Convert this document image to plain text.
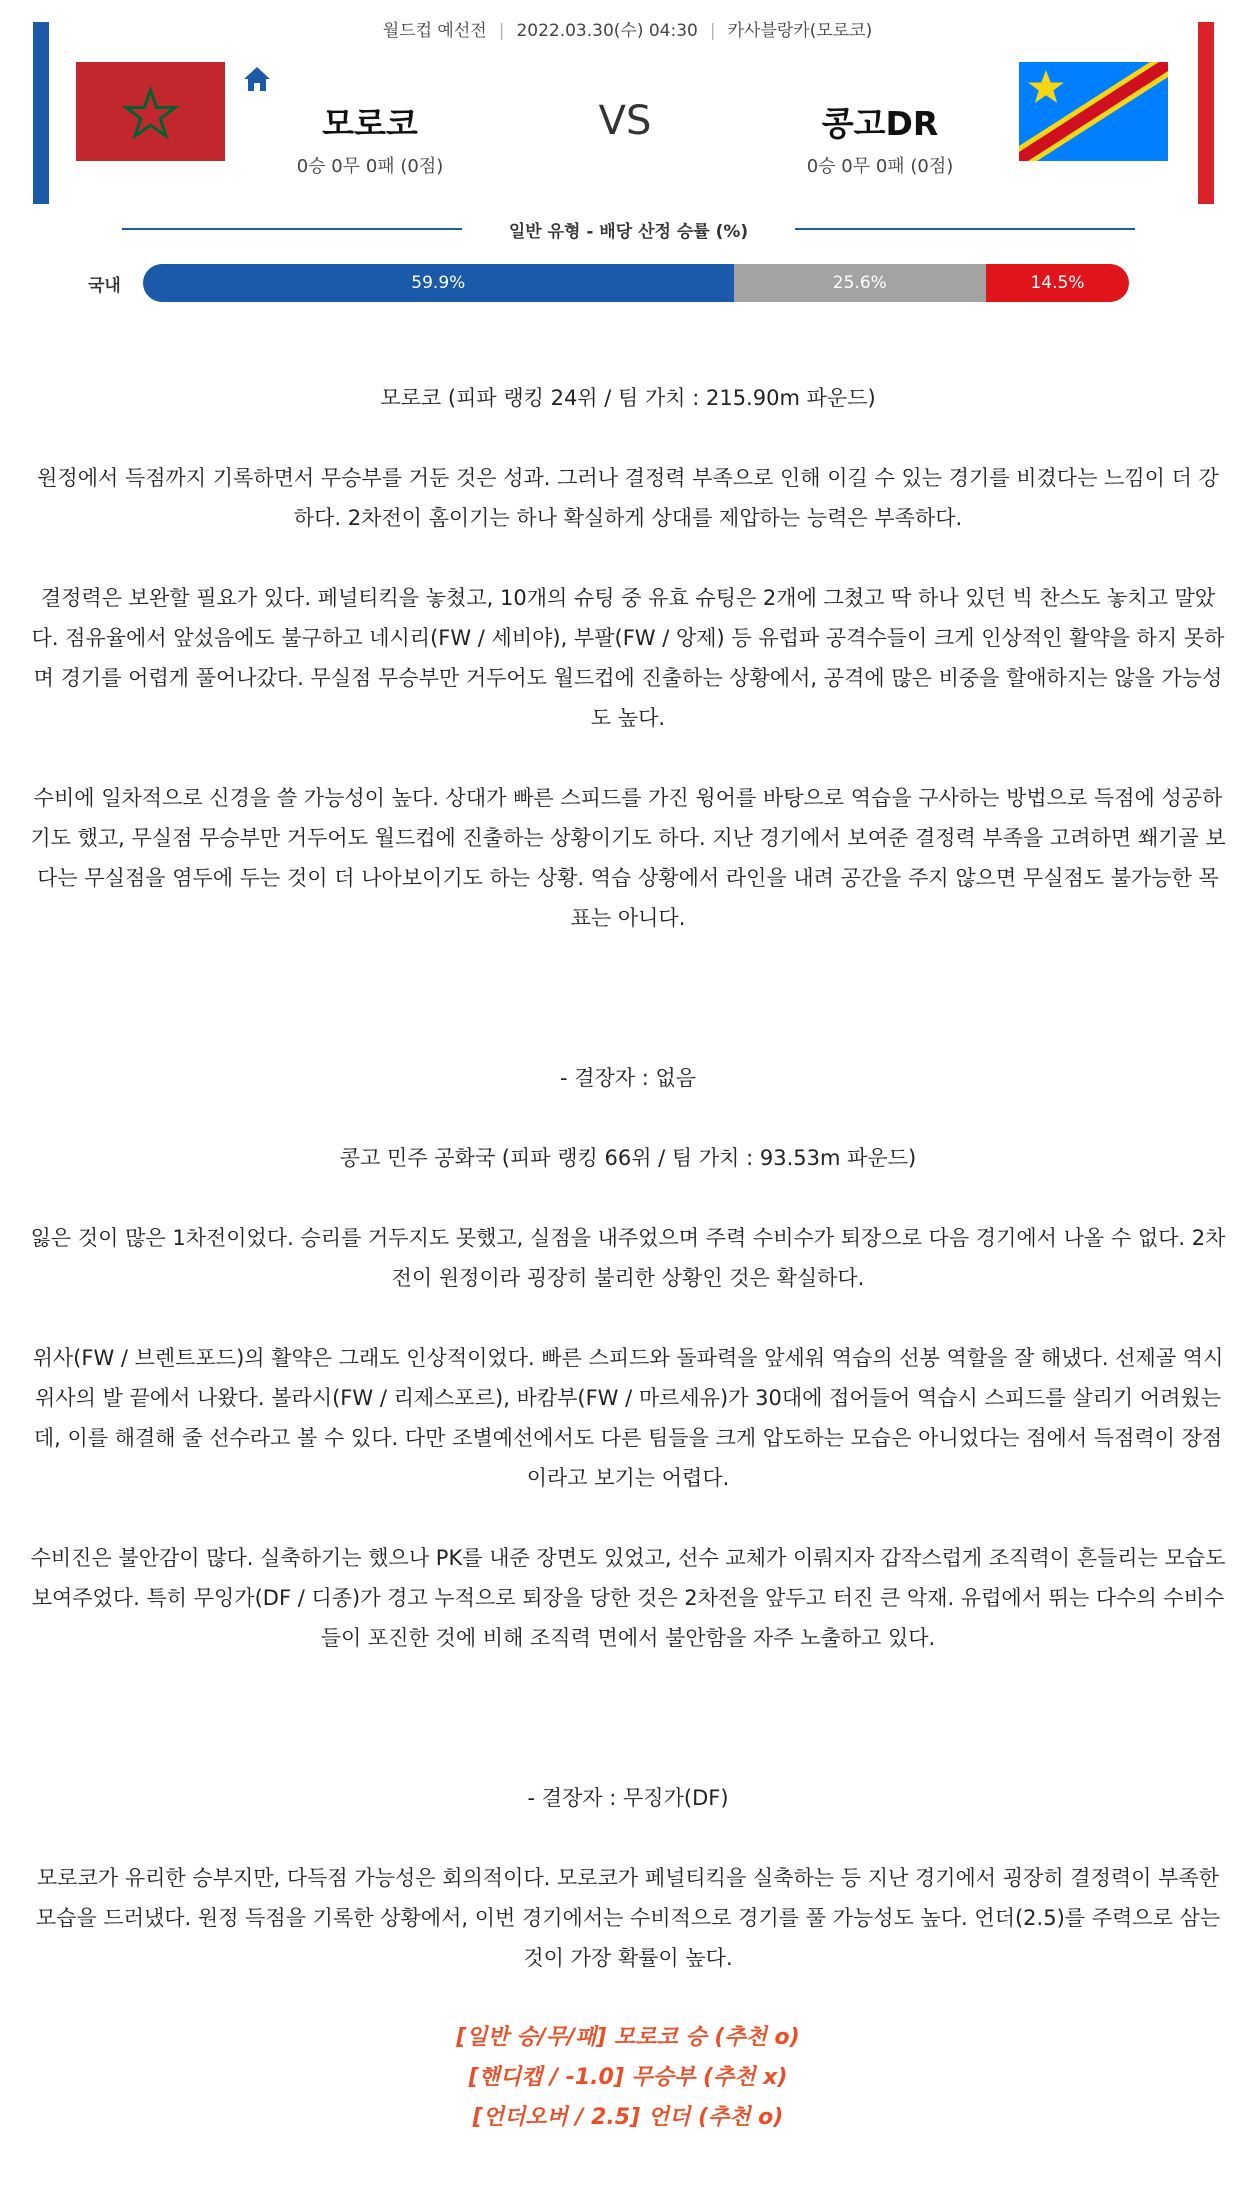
월드컵 예선전 | 2022.03.30(수) 04:30 | 카사블랑카(모로코)
모로코	VS	콩고DR
0승 0무 0패 (0점)	0승 0무 0패 (0점)
일반 유형 - 배당 산정 승률 (%)
국내	59.9%	25.6%	14.5%

모로코 (피파 랭킹 24위 / 팀 가치 : 215.90m 파운드)

원정에서 득점까지 기록하면서 무승부를 거둔 것은 성과. 그러나 결정력 부족으로 인해 이길 수 있는 경기를 비겼다는 느낌이 더 강하다. 2차전이 홈이기는 하나 확실하게 상대를 제압하는 능력은 부족하다.

결정력은 보완할 필요가 있다. 페널티킥을 놓쳤고, 10개의 슈팅 중 유효 슈팅은 2개에 그쳤고 딱 하나 있던 빅 찬스도 놓치고 말았다. 점유율에서 앞섰음에도 불구하고 네시리(FW / 세비야), 부팔(FW / 앙제) 등 유럽파 공격수들이 크게 인상적인 활약을 하지 못하며 경기를 어렵게 풀어나갔다. 무실점 무승부만 거두어도 월드컵에 진출하는 상황에서, 공격에 많은 비중을 할애하지는 않을 가능성도 높다.

수비에 일차적으로 신경을 쓸 가능성이 높다. 상대가 빠른 스피드를 가진 윙어를 바탕으로 역습을 구사하는 방법으로 득점에 성공하기도 했고, 무실점 무승부만 거두어도 월드컵에 진출하는 상황이기도 하다. 지난 경기에서 보여준 결정력 부족을 고려하면 쐐기골 보다는 무실점을 염두에 두는 것이 더 나아보이기도 하는 상황. 역습 상황에서 라인을 내려 공간을 주지 않으면 무실점도 불가능한 목표는 아니다.

- 결장자 : 없음

콩고 민주 공화국 (피파 랭킹 66위 / 팀 가치 : 93.53m 파운드)

잃은 것이 많은 1차전이었다. 승리를 거두지도 못했고, 실점을 내주었으며 주력 수비수가 퇴장으로 다음 경기에서 나올 수 없다. 2차전이 원정이라 굉장히 불리한 상황인 것은 확실하다.

위사(FW / 브렌트포드)의 활약은 그래도 인상적이었다. 빠른 스피드와 돌파력을 앞세워 역습의 선봉 역할을 잘 해냈다. 선제골 역시 위사의 발 끝에서 나왔다. 볼라시(FW / 리제스포르), 바캄부(FW / 마르세유)가 30대에 접어들어 역습시 스피드를 살리기 어려웠는데, 이를 해결해 줄 선수라고 볼 수 있다. 다만 조별예선에서도 다른 팀들을 크게 압도하는 모습은 아니었다는 점에서 득점력이 장점이라고 보기는 어렵다.

수비진은 불안감이 많다. 실축하기는 했으나 PK를 내준 장면도 있었고, 선수 교체가 이뤄지자 갑작스럽게 조직력이 흔들리는 모습도 보여주었다. 특히 무잉가(DF / 디종)가 경고 누적으로 퇴장을 당한 것은 2차전을 앞두고 터진 큰 악재. 유럽에서 뛰는 다수의 수비수들이 포진한 것에 비해 조직력 면에서 불안함을 자주 노출하고 있다.

- 결장자 : 무징가(DF)

모로코가 유리한 승부지만, 다득점 가능성은 회의적이다. 모로코가 페널티킥을 실축하는 등 지난 경기에서 굉장히 결정력이 부족한 모습을 드러냈다. 원정 득점을 기록한 상황에서, 이번 경기에서는 수비적으로 경기를 풀 가능성도 높다. 언더(2.5)를 주력으로 삼는 것이 가장 확률이 높다.

[일반 승/무/패] 모로코 승 (추천 o)
[핸디캡 / -1.0] 무승부 (추천 x)
[언더오버 / 2.5] 언더 (추천 o)
